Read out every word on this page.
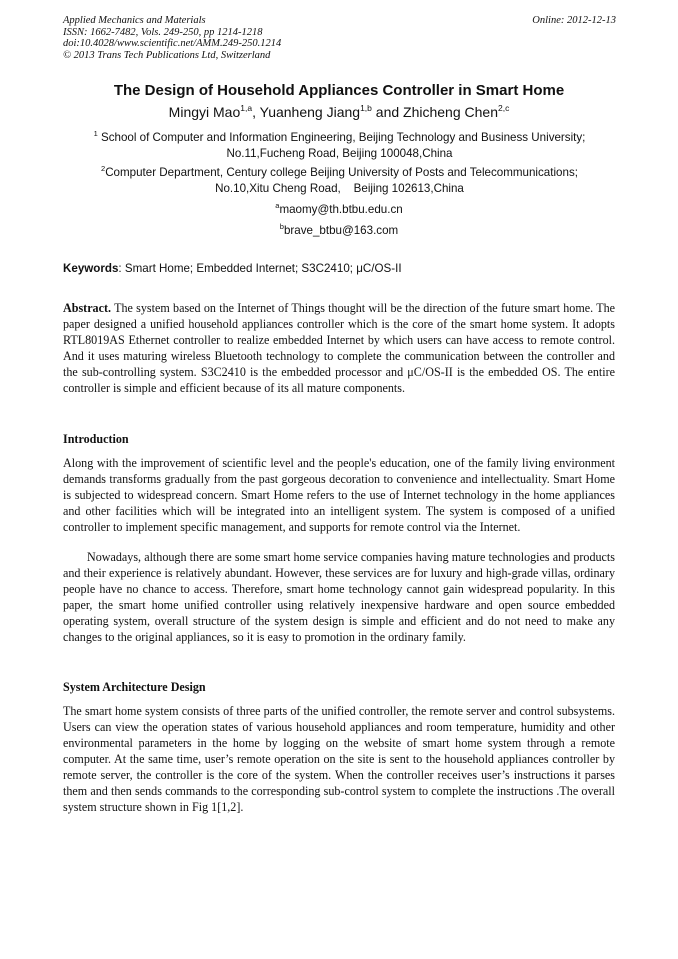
Applied Mechanics and Materials
ISSN: 1662-7482, Vols. 249-250, pp 1214-1218
doi:10.4028/www.scientific.net/AMM.249-250.1214
© 2013 Trans Tech Publications Ltd, Switzerland
Online: 2012-12-13
The Design of Household Appliances Controller in Smart Home
Mingyi Mao$^{1,a}$, Yuanheng Jiang$^{1,b}$ and Zhicheng Chen$^{2,c}$
$^1$ School of Computer and Information Engineering, Beijing Technology and Business University;
No.11,Fucheng Road, Beijing 100048,China
$^2$Computer Department, Century college Beijing University of Posts and Telecommunications;
No.10,Xitu Cheng Road,    Beijing 102613,China
$^a$maomy@th.btbu.edu.cn
$^b$brave_btbu@163.com
Keywords: Smart Home; Embedded Internet; S3C2410; μC/OS-II
Abstract. The system based on the Internet of Things thought will be the direction of the future smart home. The paper designed a unified household appliances controller which is the core of the smart home system. It adopts RTL8019AS Ethernet controller to realize embedded Internet by which users can have access to remote control. And it uses maturing wireless Bluetooth technology to complete the communication between the controller and the sub-controlling system. S3C2410 is the embedded processor and μC/OS-II is the embedded OS. The entire controller is simple and efficient because of its all mature components.
Introduction
Along with the improvement of scientific level and the people's education, one of the family living environment demands transforms gradually from the past gorgeous decoration to convenience and intellectuality. Smart Home is subjected to widespread concern. Smart Home refers to the use of Internet technology in the home appliances and other facilities which will be integrated into an intelligent system. The system is composed of a unified controller to implement specific management, and supports for remote control via the Internet.
Nowadays, although there are some smart home service companies having mature technologies and products and their experience is relatively abundant. However, these services are for luxury and high-grade villas, ordinary people have no chance to access. Therefore, smart home technology cannot gain widespread popularity. In this paper, the smart home unified controller using relatively inexpensive hardware and open source embedded operating system, overall structure of the system design is simple and efficient and do not need to make any changes to the original appliances, so it is easy to promotion in the ordinary family.
System Architecture Design
The smart home system consists of three parts of the unified controller, the remote server and control subsystems. Users can view the operation states of various household appliances and room temperature, humidity and other environmental parameters in the home by logging on the website of smart home system through a remote computer. At the same time, user’s remote operation on the site is sent to the household appliances controller by remote server, the controller is the core of the system. When the controller receives user’s instructions it parses them and then sends commands to the corresponding sub-control system to complete the instructions .The overall system structure shown in Fig 1[1,2].
